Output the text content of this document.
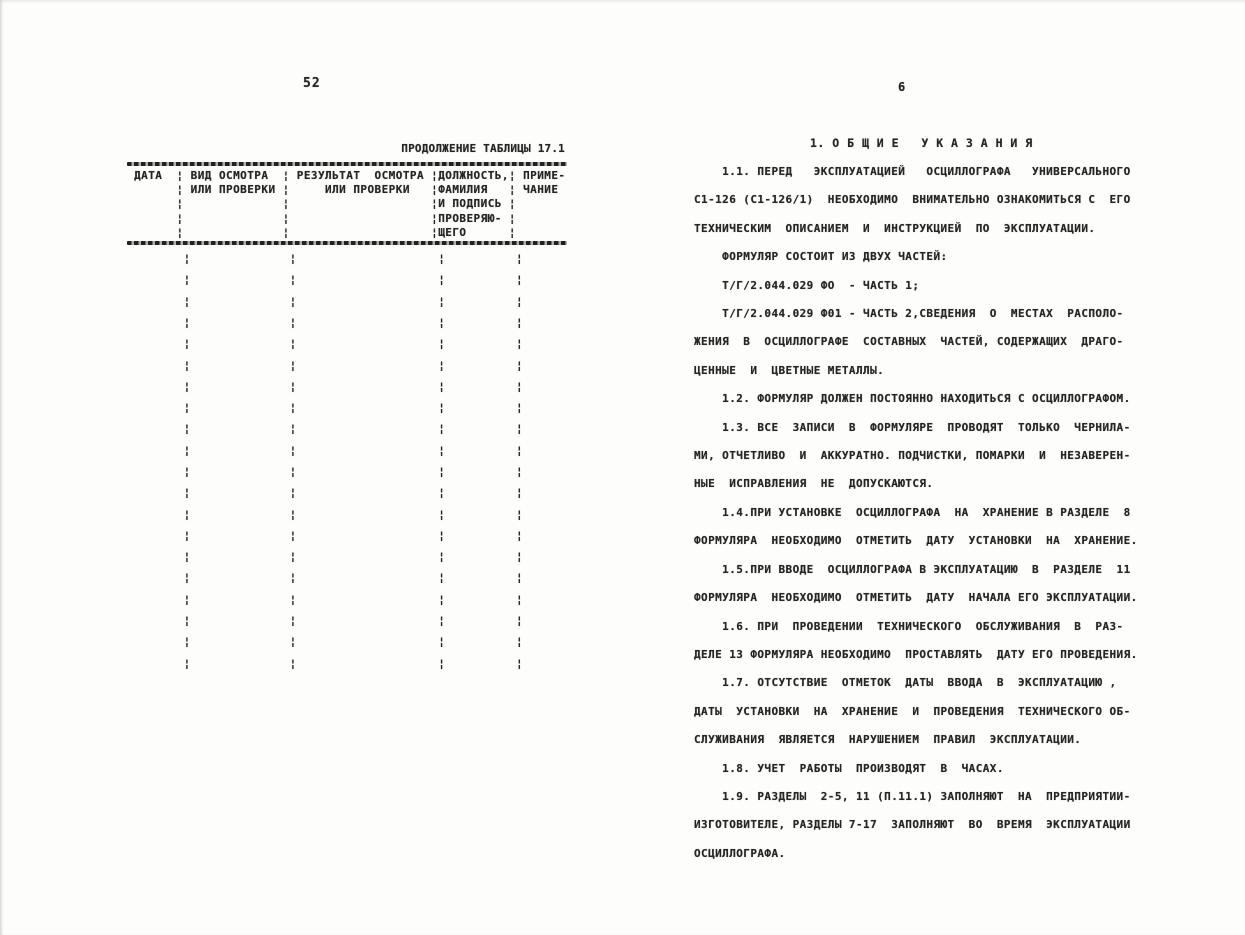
52
ПРОДОЛЖЕНИЕ ТАБЛИЦЫ 17.1
ДАТА  ¦ ВИД ОСМОТРА  ¦ РЕЗУЛЬТАТ  ОСМОТРА ¦ДОЛЖНОСТЬ,¦ ПРИМЕ-
¦ ИЛИ ПРОВЕРКИ ¦     ИЛИ ПРОВЕРКИ   ¦ФАМИЛИЯ   ¦ ЧАНИЕ
¦              ¦                    ¦И ПОДПИСЬ ¦
¦              ¦                    ¦ПРОВЕРЯЮ- ¦
¦              ¦                    ¦ЩЕГО      ¦
¦              ¦                    ¦          ¦
¦              ¦                    ¦          ¦
¦              ¦                    ¦          ¦
¦              ¦                    ¦          ¦
¦              ¦                    ¦          ¦
¦              ¦                    ¦          ¦
¦              ¦                    ¦          ¦
¦              ¦                    ¦          ¦
¦              ¦                    ¦          ¦
¦              ¦                    ¦          ¦
¦              ¦                    ¦          ¦
¦              ¦                    ¦          ¦
¦              ¦                    ¦          ¦
¦              ¦                    ¦          ¦
¦              ¦                    ¦          ¦
¦              ¦                    ¦          ¦
¦              ¦                    ¦          ¦
¦              ¦                    ¦          ¦
¦              ¦                    ¦          ¦
¦              ¦                    ¦          ¦
6
1. О Б Щ И Е   У К А З А Н И Я
1.1. ПЕРЕД   ЭКСПЛУАТАЦИЕЙ   ОСЦИЛЛОГРАФА   УНИВЕРСАЛЬНОГО
С1-126 (С1-126/1)  НЕОБХОДИМО  ВНИМАТЕЛЬНО ОЗНАКОМИТЬСЯ С  ЕГО
ТЕХНИЧЕСКИМ  ОПИСАНИЕМ  И  ИНСТРУКЦИЕЙ  ПО  ЭКСПЛУАТАЦИИ.
ФОРМУЛЯР СОСТОИТ ИЗ ДВУХ ЧАСТЕЙ:
Т/Г/2.044.029 ФО  - ЧАСТЬ 1;
Т/Г/2.044.029 Ф01 - ЧАСТЬ 2,СВЕДЕНИЯ  О  МЕСТАХ  РАСПОЛО-
ЖЕНИЯ  В  ОСЦИЛЛОГРАФЕ  СОСТАВНЫХ  ЧАСТЕЙ, СОДЕРЖАЩИХ  ДРАГО-
ЦЕННЫЕ  И  ЦВЕТНЫЕ МЕТАЛЛЫ.
1.2. ФОРМУЛЯР ДОЛЖЕН ПОСТОЯННО НАХОДИТЬСЯ С ОСЦИЛЛОГРАФОМ.
1.3. ВСЕ  ЗАПИСИ  В  ФОРМУЛЯРЕ  ПРОВОДЯТ  ТОЛЬКО  ЧЕРНИЛА-
МИ, ОТЧЕТЛИВО  И  АККУРАТНО. ПОДЧИСТКИ, ПОМАРКИ  И  НЕЗАВЕРЕН-
НЫЕ  ИСПРАВЛЕНИЯ  НЕ  ДОПУСКАЮТСЯ.
1.4.ПРИ УСТАНОВКЕ  ОСЦИЛЛОГРАФА  НА  ХРАНЕНИЕ В РАЗДЕЛЕ  8
ФОРМУЛЯРА  НЕОБХОДИМО  ОТМЕТИТЬ  ДАТУ  УСТАНОВКИ  НА  ХРАНЕНИЕ.
1.5.ПРИ ВВОДЕ  ОСЦИЛЛОГРАФА В ЭКСПЛУАТАЦИЮ  В  РАЗДЕЛЕ  11
ФОРМУЛЯРА  НЕОБХОДИМО  ОТМЕТИТЬ  ДАТУ  НАЧАЛА ЕГО ЭКСПЛУАТАЦИИ.
1.6. ПРИ  ПРОВЕДЕНИИ  ТЕХНИЧЕСКОГО  ОБСЛУЖИВАНИЯ  В  РАЗ-
ДЕЛЕ 13 ФОРМУЛЯРА НЕОБХОДИМО  ПРОСТАВЛЯТЬ  ДАТУ ЕГО ПРОВЕДЕНИЯ.
1.7. ОТСУТСТВИЕ  ОТМЕТОК  ДАТЫ  ВВОДА  В  ЭКСПЛУАТАЦИЮ ,
ДАТЫ  УСТАНОВКИ  НА  ХРАНЕНИЕ  И  ПРОВЕДЕНИЯ  ТЕХНИЧЕСКОГО ОБ-
СЛУЖИВАНИЯ  ЯВЛЯЕТСЯ  НАРУШЕНИЕМ  ПРАВИЛ  ЭКСПЛУАТАЦИИ.
1.8. УЧЕТ  РАБОТЫ  ПРОИЗВОДЯТ  В  ЧАСАХ.
1.9. РАЗДЕЛЫ  2-5, 11 (П.11.1) ЗАПОЛНЯЮТ  НА  ПРЕДПРИЯТИИ-
ИЗГОТОВИТЕЛЕ, РАЗДЕЛЫ 7-17  ЗАПОЛНЯЮТ  ВО  ВРЕМЯ  ЭКСПЛУАТАЦИИ
ОСЦИЛЛОГРАФА.
